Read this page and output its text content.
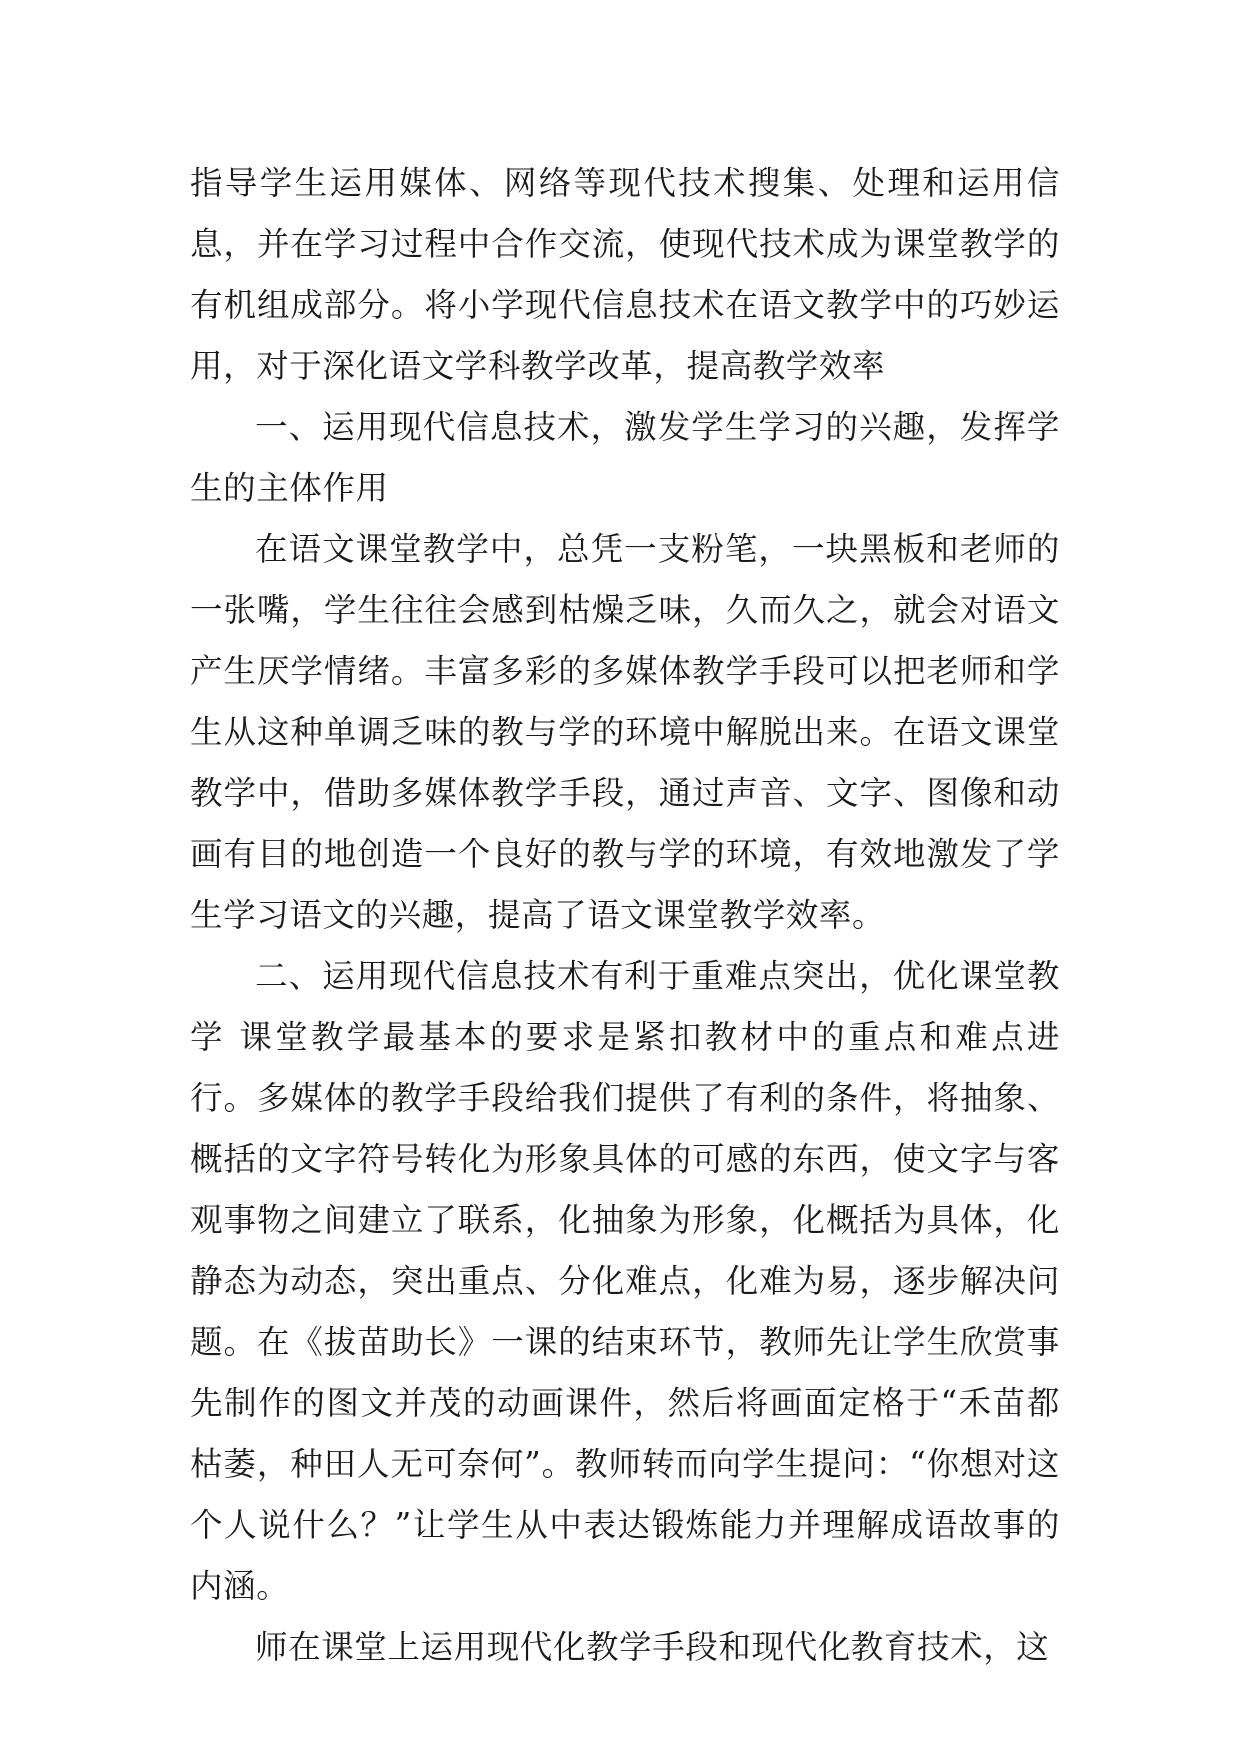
指导学生运用媒体、网络等现代技术搜集、处理和运用信息，并在学习过程中合作交流，使现代技术成为课堂教学的有机组成部分。将小学现代信息技术在语文教学中的巧妙运用，对于深化语文学科教学改革，提高教学效率

一、运用现代信息技术，激发学生学习的兴趣，发挥学生的主体作用

在语文课堂教学中，总凭一支粉笔，一块黑板和老师的一张嘴，学生往往会感到枯燥乏味，久而久之，就会对语文产生厌学情绪。丰富多彩的多媒体教学手段可以把老师和学生从这种单调乏味的教与学的环境中解脱出来。在语文课堂教学中，借助多媒体教学手段，通过声音、文字、图像和动画有目的地创造一个良好的教与学的环境，有效地激发了学生学习语文的兴趣，提高了语文课堂教学效率。

二、运用现代信息技术有利于重难点突出，优化课堂教学 课堂教学最基本的要求是紧扣教材中的重点和难点进行。多媒体的教学手段给我们提供了有利的条件，将抽象、概括的文字符号转化为形象具体的可感的东西，使文字与客观事物之间建立了联系，化抽象为形象，化概括为具体，化静态为动态，突出重点、分化难点，化难为易，逐步解决问题。在《拔苗助长》一课的结束环节，教师先让学生欣赏事先制作的图文并茂的动画课件，然后将画面定格于“禾苗都枯萎，种田人无可奈何”。教师转而向学生提问：“你想对这个人说什么？”让学生从中表达锻炼能力并理解成语故事的内涵。

师在课堂上运用现代化教学手段和现代化教育技术，这
